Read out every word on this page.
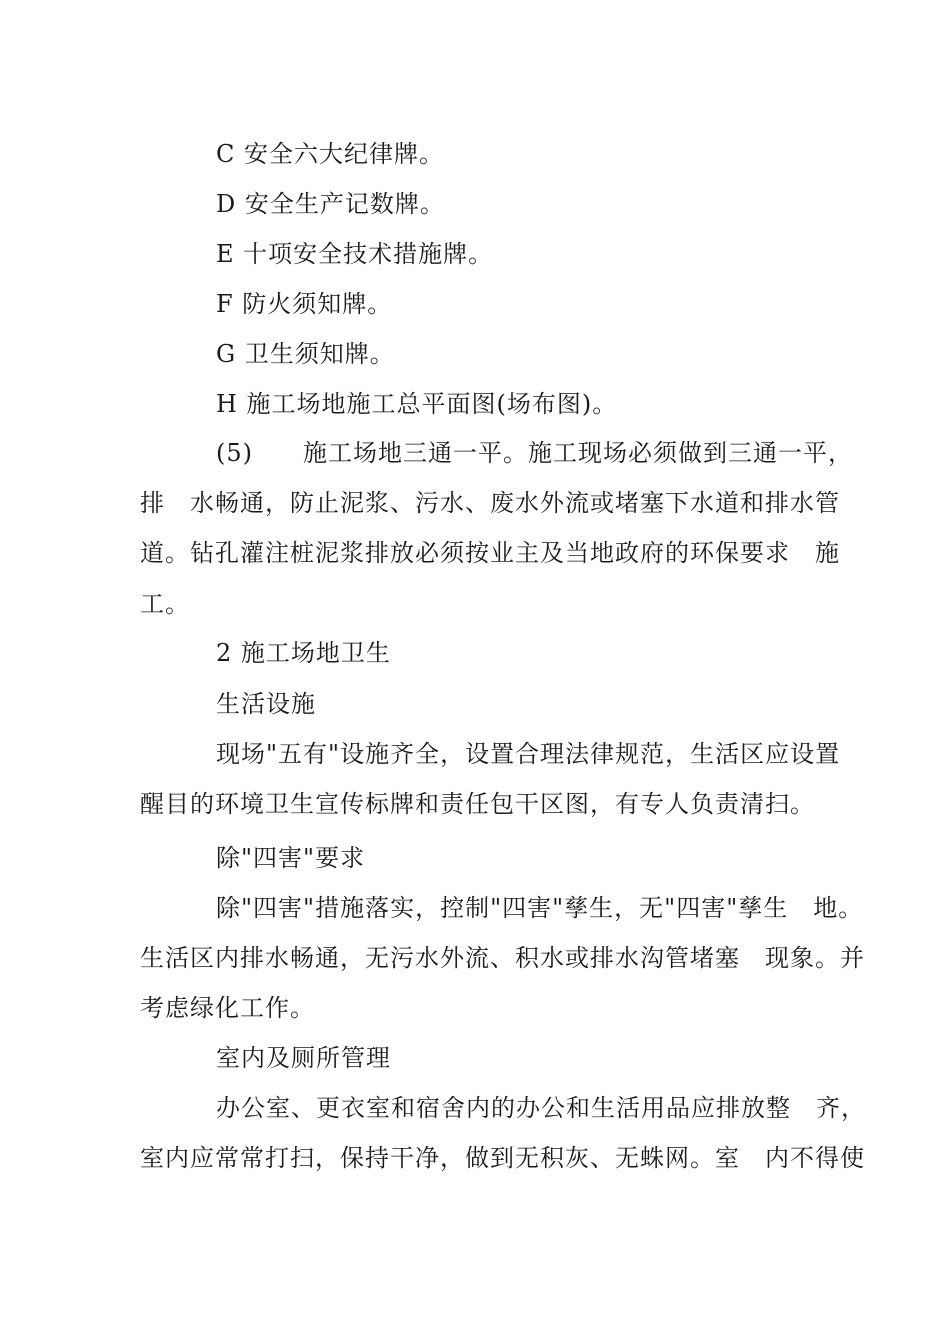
C 安全六大纪律牌。
D 安全生产记数牌。
E 十项安全技术措施牌。
F 防火须知牌。
G 卫生须知牌。
H 施工场地施工总平面图(场布图)。
(5)　　施工场地三通一平。施工现场必须做到三通一平，
排　水畅通，防止泥浆、污水、废水外流或堵塞下水道和排水管
道。钻孔灌注桩泥浆排放必须按业主及当地政府的环保要求　施
工。
2 施工场地卫生
生活设施
现场"五有"设施齐全，设置合理法律规范，生活区应设置
醒目的环境卫生宣传标牌和责任包干区图，有专人负责清扫。
除"四害"要求
除"四害"措施落实，控制"四害"孳生，无"四害"孳生　地。
生活区内排水畅通，无污水外流、积水或排水沟管堵塞　现象。并
考虑绿化工作。
室内及厕所管理
办公室、更衣室和宿舍内的办公和生活用品应排放整　齐，
室内应常常打扫，保持干净，做到无积灰、无蛛网。室　内不得使
